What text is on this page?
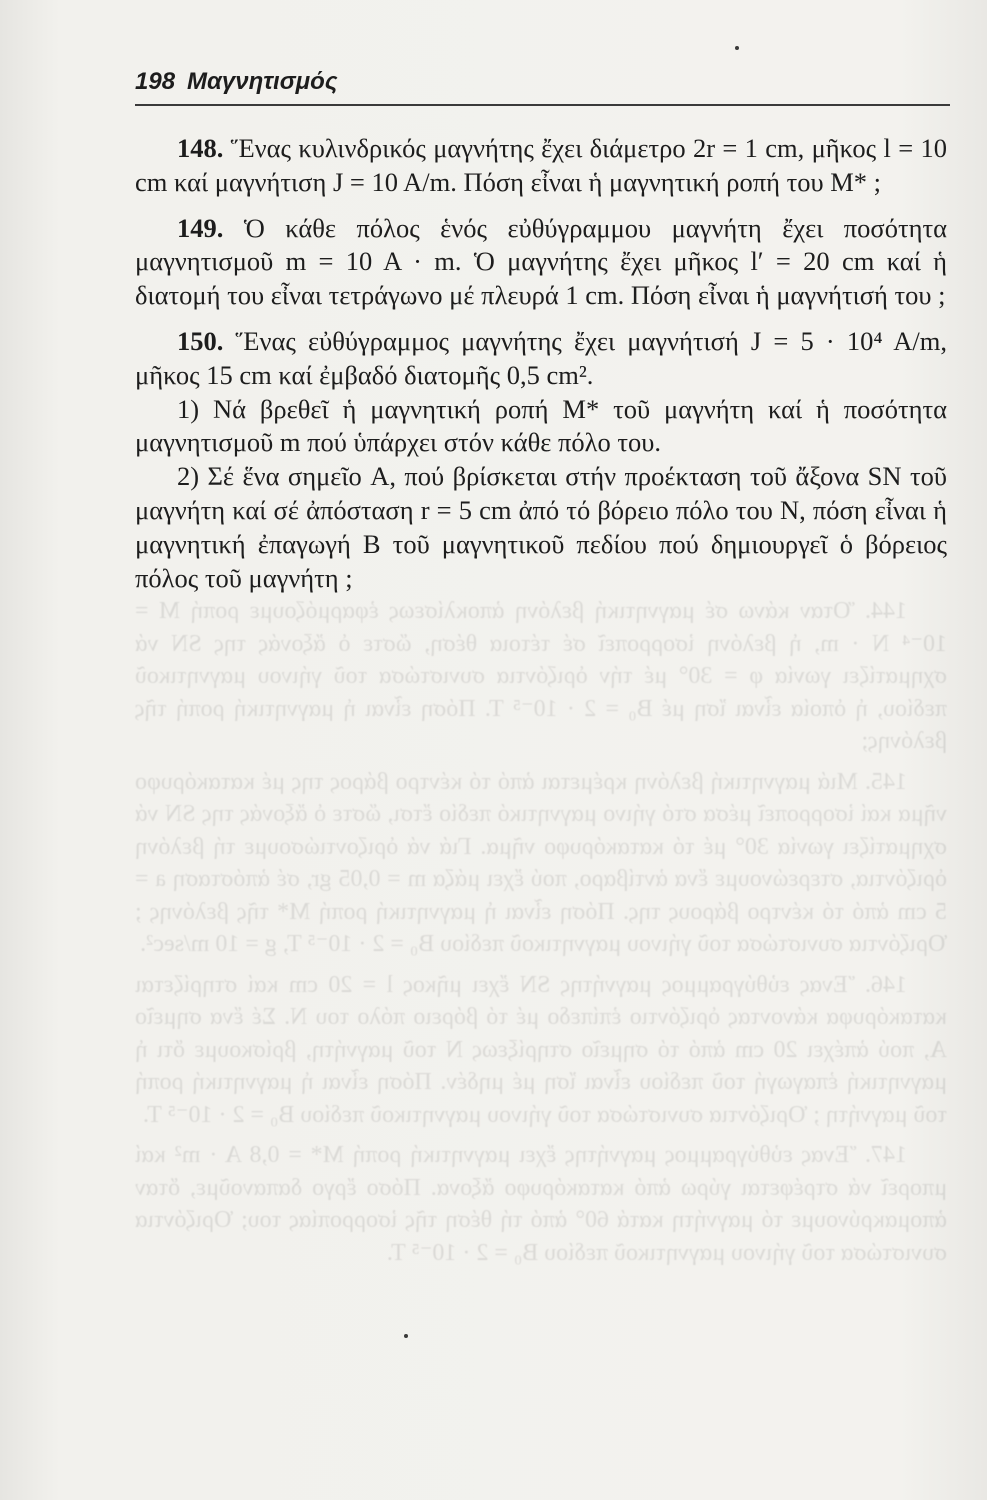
144. Ὅταν κάνω σέ μαγνητική βελόνη ἀποκλίσεως ἐφαρμόζουμε ροπή M = 10⁻⁴ N · m, ἡ βελόνη ἰσορροπεῖ σέ τέτοια θέση, ὥστε ὁ ἄξονάς της SN νά σχηματίζει γωνία φ = 30° μέ τήν ὁριζόντια συνιστώσα τοῦ γήινου μαγνητικοῦ πεδίου, ἡ ὁποία εἶναι ἴση μέ B₀ = 2 · 10⁻⁵ T. Πόση εἶναι ἡ μαγνητική ροπή τῆς βελόνης;

145. Μιά μαγνητική βελόνη κρέμεται ἀπό τό κέντρο βάρος της μέ κατακόρυφο νῆμα καί ἰσορροπεῖ μέσα στό γήινο μαγνητικό πεδίο ἔτσι, ὥστε ὁ ἄξονάς της SN νά σχηματίζει γωνία 30° μέ τό κατακόρυφο νῆμα. Γιά νά ὁριζοντιώσουμε τή βελόνη ὁριζόντια, στερεώνουμε ἕνα ἀντίβαρο, πού ἔχει μάζα m = 0,05 gr, σέ ἀπόσταση a = 5 cm ἀπό τό κέντρο βάρους της. Πόση εἶναι ἡ μαγνητική ροπή M* τῆς βελόνης ; Ὁριζόντια συνιστώσα τοῦ γήινου μαγνητικοῦ πεδίου B₀ = 2 · 10⁻⁵ T, g = 10 m/sec².

146. Ἕνας εὐθύγραμμος μαγνήτης SN ἔχει μῆκος l = 20 cm καί στηρίζεται κατακόρυφα κάνοντας ὁριζόντιο ἐπίπεδο μέ τό βόρειο πόλο του N. Σέ ἕνα σημεῖο A, πού ἀπέχει 20 cm ἀπό τό σημεῖο στηρίξεως N τοῦ μαγνήτη, βρίσκουμε ὅτι ἡ μαγνητική ἐπαγωγή τοῦ πεδίου εἶναι ἴση μέ μηδέν. Πόση εἶναι ἡ μαγνητική ροπή τοῦ μαγνήτη ; Ὁριζόντια συνιστώσα τοῦ γήινου μαγνητικοῦ πεδίου B₀ = 2 · 10⁻⁵ T.

147. Ἕνας εὐθύγραμμος μαγνήτης ἔχει μαγνητική ροπή M* = 0,8 A · m² καί μπορεῖ νά στρέφεται γύρω ἀπό κατακόρυφο ἄξονα. Πόσο ἔργο δαπανοῦμε, ὅταν ἀπομακρύνουμε τό μαγνήτη κατά 60° ἀπό τή θέση τῆς ἰσορροπίας του; Ὁριζόντια συνιστώσα τοῦ γήινου μαγνητικοῦ πεδίου B₀ = 2 · 10⁻⁵ T.

198 Μαγνητισμός

148. Ἕνας κυλινδρικός μαγνήτης ἔχει διάμετρο 2r = 1 cm, μῆκος l = 10 cm καί μαγνήτιση J = 10 A/m. Πόση εἶναι ἡ μαγνητική ροπή του M* ;

149. Ὁ κάθε πόλος ἑνός εὐθύγραμμου μαγνήτη ἔχει ποσότητα μαγνητισμοῦ m = 10 A · m. Ὁ μαγνήτης ἔχει μῆκος l′ = 20 cm καί ἡ διατομή του εἶναι τετράγωνο μέ πλευρά 1 cm. Πόση εἶναι ἡ μαγνήτισή του ;

150. Ἕνας εὐθύγραμμος μαγνήτης ἔχει μαγνήτισή J = 5 · 10⁴ A/m, μῆκος 15 cm καί ἐμβαδό διατομῆς 0,5 cm².

1) Νά βρεθεῖ ἡ μαγνητική ροπή M* τοῦ μαγνήτη καί ἡ ποσότητα μαγνητισμοῦ m πού ὑπάρχει στόν κάθε πόλο του.

2) Σέ ἕνα σημεῖο A, πού βρίσκεται στήν προέκταση τοῦ ἄξονα SN τοῦ μαγνήτη καί σέ ἀπόσταση r = 5 cm ἀπό τό βόρειο πόλο του N, πόση εἶναι ἡ μαγνητική ἐπαγωγή B τοῦ μαγνητικοῦ πεδίου πού δημιουργεῖ ὁ βόρειος πόλος τοῦ μαγνήτη ;
